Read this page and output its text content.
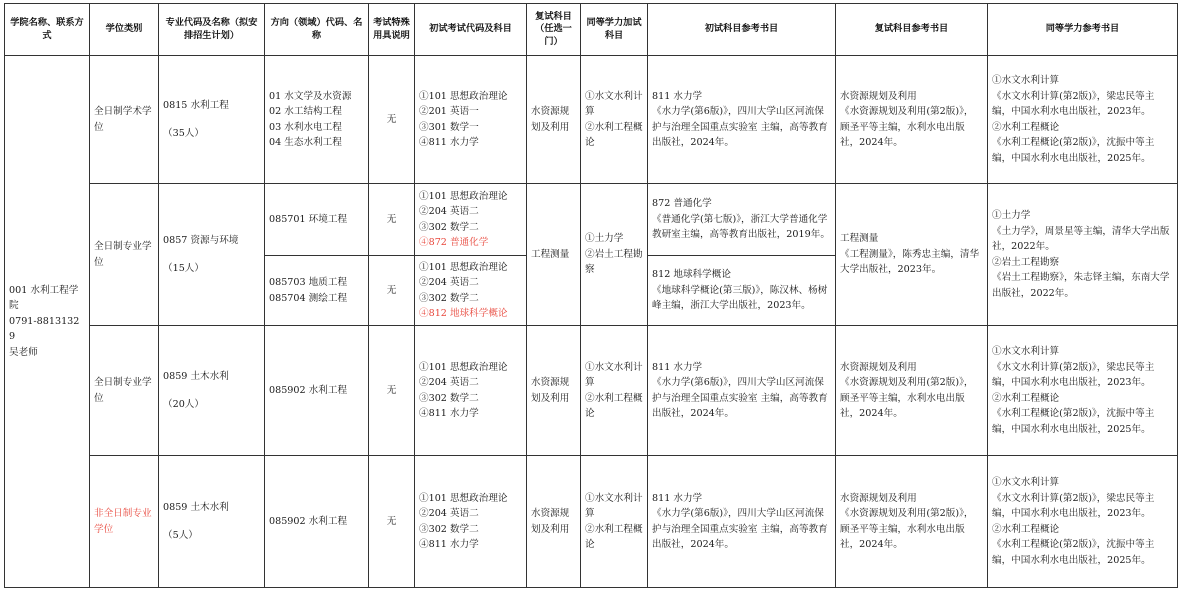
学院名称、联系方式	学位类别	专业代码及名称（拟安排招生计划）	方向（领域）代码、名称	考试特殊用具说明	初试考试代码及科目	复试科目（任选一门）	同等学力加试科目	初试科目参考书目	复试科目参考书目	同等学力参考书目

001 水利工程学院
0791-88131329
吴老师	全日制学术学位	0815 水利工程
（35人）	01 水文学及水资源
02 水工结构工程
03 水利水电工程
04 生态水利工程	无	①101 思想政治理论
②201 英语一
③301 数学一
④811 水力学	水资源规划及利用	①水文水利计算
②水利工程概论	811 水力学
《水力学(第6版)》，四川大学山区河流保护与治理全国重点实验室 主编，高等教育出版社，2024年。	水资源规划及利用
《水资源规划及利用(第2版)》，顾圣平等主编，水利水电出版社，2024年。	①水文水利计算
《水文水利计算(第2版)》，梁忠民等主编，中国水利水电出版社，2023年。
②水利工程概论
《水利工程概论(第2版)》，沈振中等主编，中国水利水电出版社，2025年。

	全日制专业学位	0857 资源与环境
（15人）	085701 环境工程	无	①101 思想政治理论
②204 英语二
③302 数学二
④872 普通化学	工程测量	①土力学
②岩土工程勘察	872 普通化学
《普通化学(第七版)》，浙江大学普通化学教研室主编，高等教育出版社，2019年。	工程测量
《工程测量》，陈秀忠主编，清华大学出版社，2023年。	①土力学
《土力学》，周景星等主编，清华大学出版社，2022年。
②岩土工程勘察
《岩土工程勘察》，朱志铎主编，东南大学出版社，2022年。

			085703 地质工程
085704 测绘工程	无	①101 思想政治理论
②204 英语二
③302 数学二
④812 地球科学概论			812 地球科学概论
《地球科学概论(第三版)》，陈汉林、杨树峰主编，浙江大学出版社，2023年。		

	全日制专业学位	0859 土木水利
（20人）	085902 水利工程	无	①101 思想政治理论
②204 英语二
③302 数学二
④811 水力学	水资源规划及利用	①水文水利计算
②水利工程概论	811 水力学
《水力学(第6版)》，四川大学山区河流保护与治理全国重点实验室 主编，高等教育出版社，2024年。	水资源规划及利用
《水资源规划及利用(第2版)》，顾圣平等主编，水利水电出版社，2024年。	①水文水利计算
《水文水利计算(第2版)》，梁忠民等主编，中国水利水电出版社，2023年。
②水利工程概论
《水利工程概论(第2版)》，沈振中等主编，中国水利水电出版社，2025年。

	非全日制专业学位	0859 土木水利
（5人）	085902 水利工程	无	①101 思想政治理论
②204 英语二
③302 数学二
④811 水力学	水资源规划及利用	①水文水利计算
②水利工程概论	811 水力学
《水力学(第6版)》，四川大学山区河流保护与治理全国重点实验室 主编，高等教育出版社，2024年。	水资源规划及利用
《水资源规划及利用(第2版)》，顾圣平等主编，水利水电出版社，2024年。	①水文水利计算
《水文水利计算(第2版)》，梁忠民等主编，中国水利水电出版社，2023年。
②水利工程概论
《水利工程概论(第2版)》，沈振中等主编，中国水利水电出版社，2025年。
